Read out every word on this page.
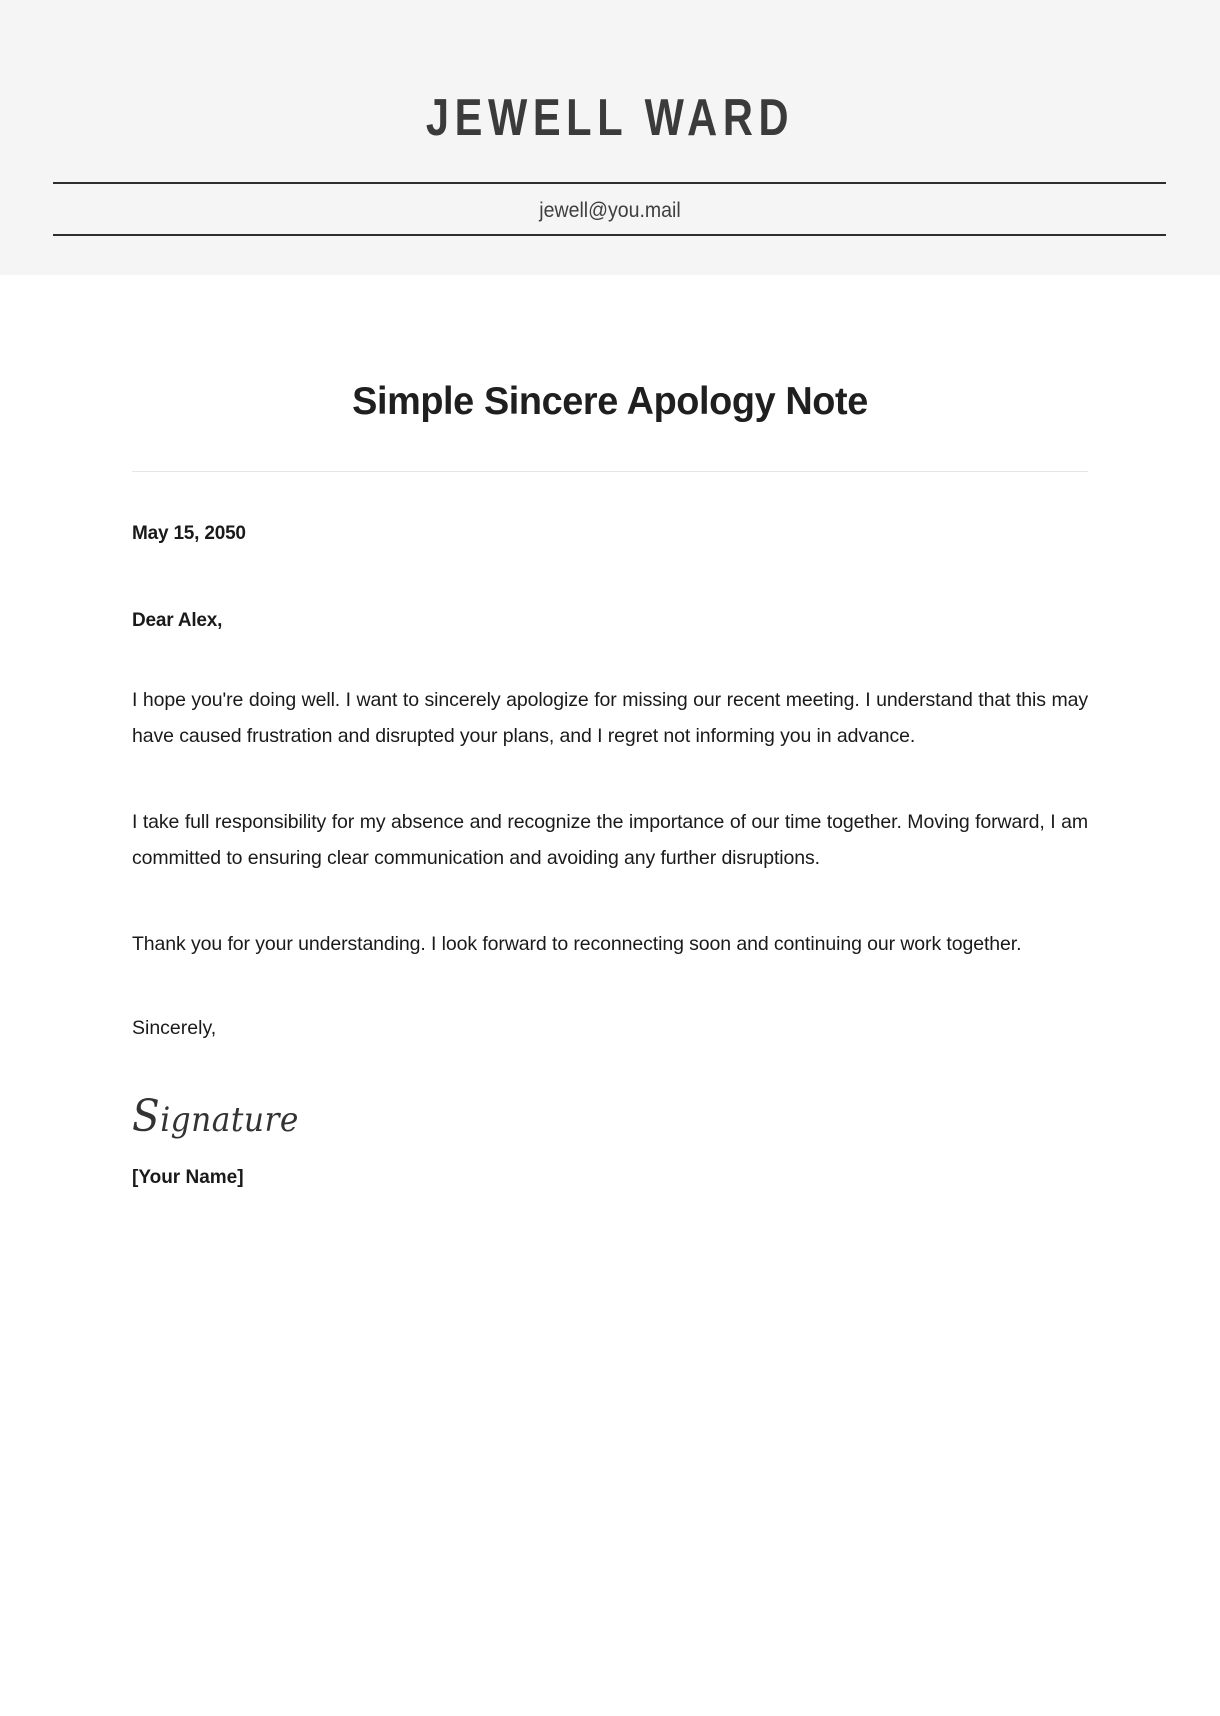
JEWELL WARD
jewell@you.mail
Simple Sincere Apology Note
May 15, 2050
Dear Alex,

I hope you're doing well. I want to sincerely apologize for missing our recent meeting. I understand that this may have caused frustration and disrupted your plans, and I regret not informing you in advance.

I take full responsibility for my absence and recognize the importance of our time together. Moving forward, I am committed to ensuring clear communication and avoiding any further disruptions.

Thank you for your understanding. I look forward to reconnecting soon and continuing our work together.

Sincerely,
Signature
[Your Name]
